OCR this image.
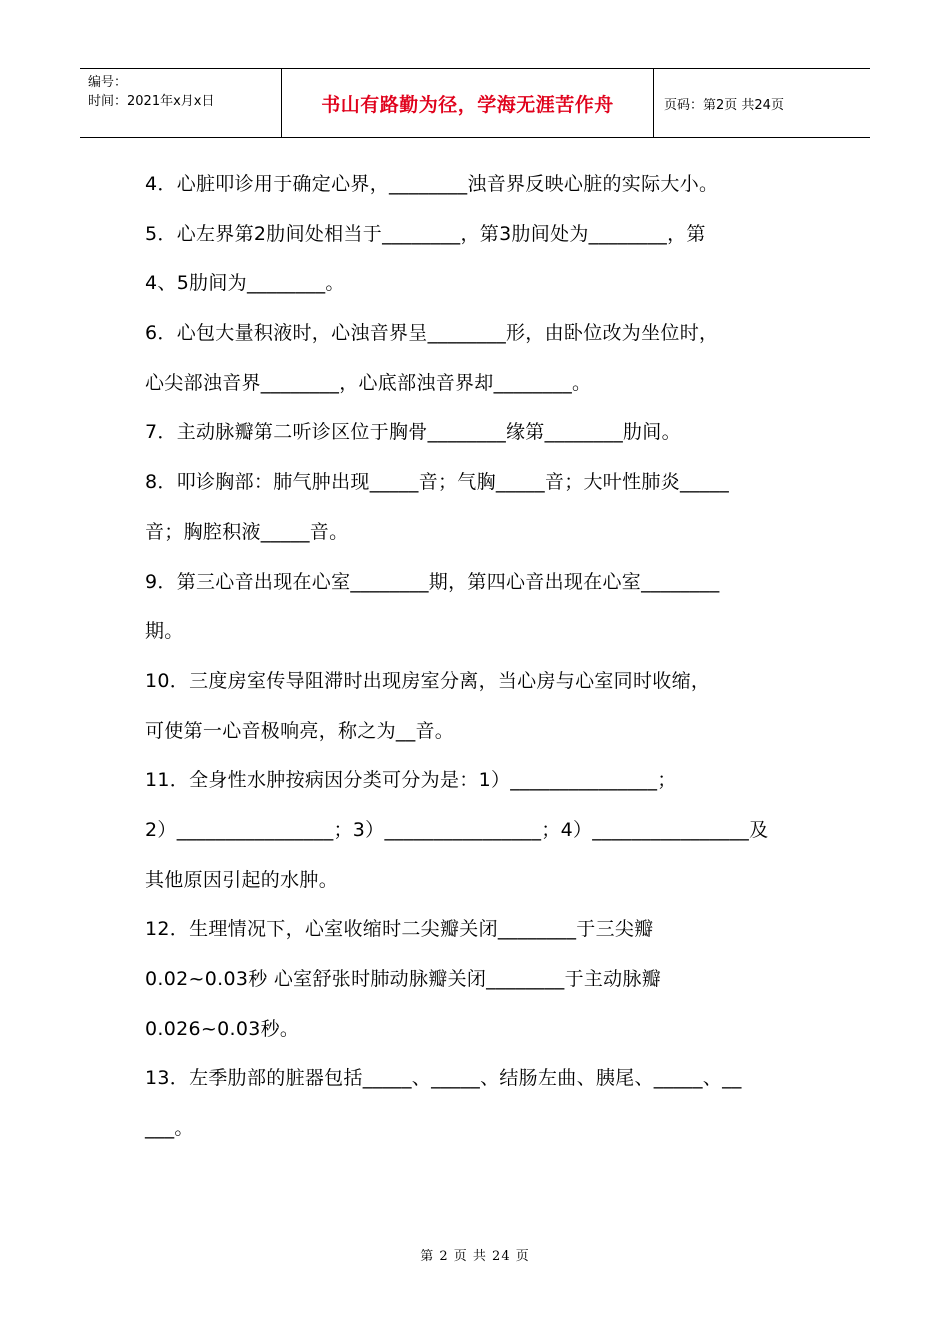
编号：
时间：2021年x月x日	书山有路勤为径，学海无涯苦作舟	页码：第2页 共24页
4．心脏叩诊用于确定心界，________浊音界反映心脏的实际大小。
5．心左界第2肋间处相当于________，第3肋间处为________，第
4、5肋间为________。
6．心包大量积液时，心浊音界呈________形，由卧位改为坐位时，
心尖部浊音界________，心底部浊音界却________。
7．主动脉瓣第二听诊区位于胸骨________缘第________肋间。
8．叩诊胸部：肺气肿出现_____音；气胸_____音；大叶性肺炎_____
音；胸腔积液_____音。
9．第三心音出现在心室________期，第四心音出现在心室________
期。
10．三度房室传导阻滞时出现房室分离，当心房与心室同时收缩，
可使第一心音极响亮，称之为__音。
11．全身性水肿按病因分类可分为是：1）_______________；
2）________________；3）________________；4）________________及
其他原因引起的水肿。
12．生理情况下，心室收缩时二尖瓣关闭________于三尖瓣
0.02~0.03秒 心室舒张时肺动脉瓣关闭________于主动脉瓣
0.026~0.03秒。
13．左季肋部的脏器包括_____、_____、结肠左曲、胰尾、_____、__
___。
第 2 页 共 24 页
